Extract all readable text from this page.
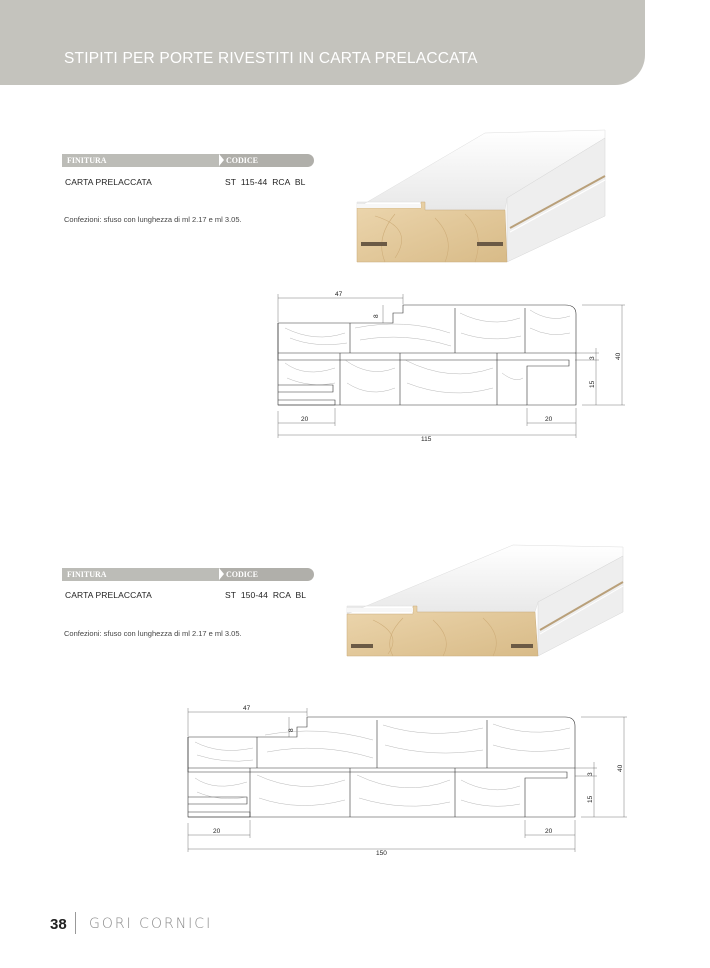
STIPITI PER PORTE RIVESTITI IN CARTA PRELACCATA
FINITURA	CODICE
CARTA PRELACCATA	ST  115-44  RCA  BL
Confezioni: sfuso con lunghezza di ml 2.17 e ml 3.05.
47
8
40
3
15
20	20
115
FINITURA	CODICE
CARTA PRELACCATA	ST  150-44  RCA  BL
Confezioni: sfuso con lunghezza di ml 2.17 e ml 3.05.
47
8
40
3
15
20	20
150
38 GORI CORNICI
